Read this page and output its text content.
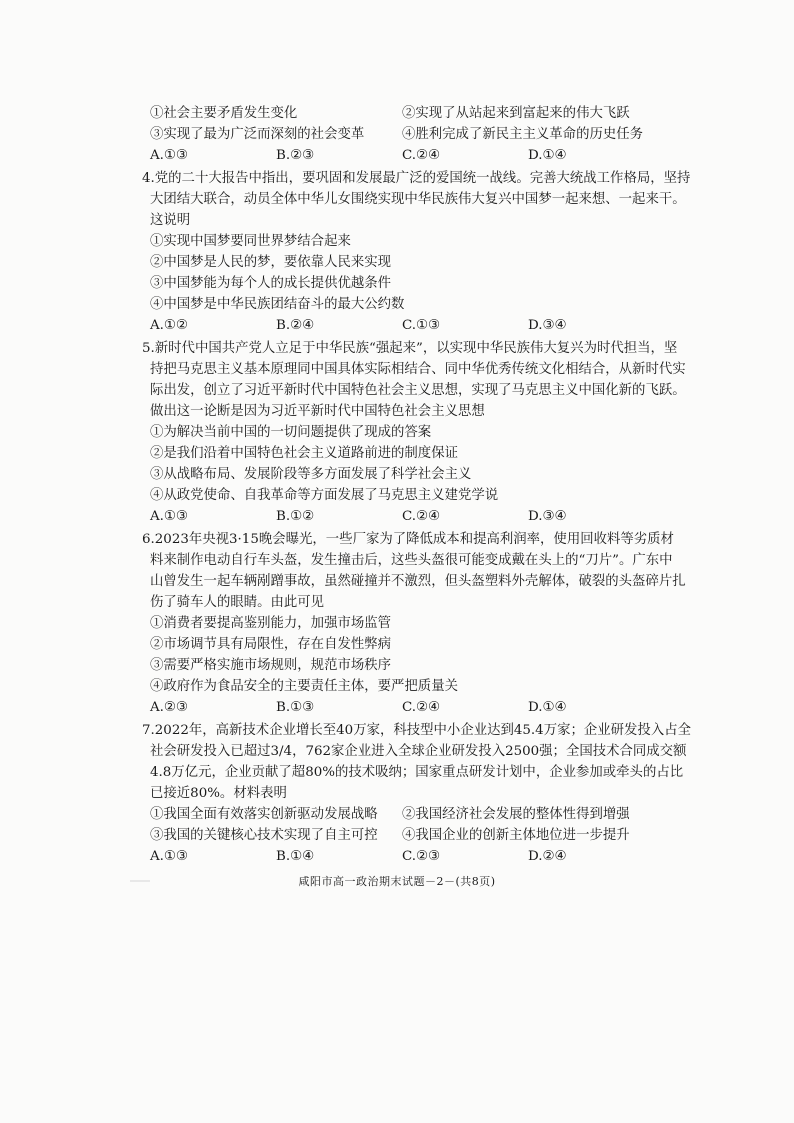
①社会主要矛盾发生变化	②实现了从站起来到富起来的伟大飞跃
③实现了最为广泛而深刻的社会变革	④胜利完成了新民主主义革命的历史任务
A.①③	B.②③	C.②④	D.①④
4.党的二十大报告中指出，要巩固和发展最广泛的爱国统一战线。完善大统战工作格局，坚持
大团结大联合，动员全体中华儿女围绕实现中华民族伟大复兴中国梦一起来想、一起来干。
这说明
①实现中国梦要同世界梦结合起来
②中国梦是人民的梦，要依靠人民来实现
③中国梦能为每个人的成长提供优越条件
④中国梦是中华民族团结奋斗的最大公约数
A.①②	B.②④	C.①③	D.③④
5.新时代中国共产党人立足于中华民族“强起来”，以实现中华民族伟大复兴为时代担当，坚
持把马克思主义基本原理同中国具体实际相结合、同中华优秀传统文化相结合，从新时代实
际出发，创立了习近平新时代中国特色社会主义思想，实现了马克思主义中国化新的飞跃。
做出这一论断是因为习近平新时代中国特色社会主义思想
①为解决当前中国的一切问题提供了现成的答案
②是我们沿着中国特色社会主义道路前进的制度保证
③从战略布局、发展阶段等多方面发展了科学社会主义
④从政党使命、自我革命等方面发展了马克思主义建党学说
A.①③	B.①②	C.②④	D.③④
6.2023年央视3·15晚会曝光，一些厂家为了降低成本和提高利润率，使用回收料等劣质材
料来制作电动自行车头盔，发生撞击后，这些头盔很可能变成戴在头上的“刀片”。广东中
山曾发生一起车辆剐蹭事故，虽然碰撞并不激烈，但头盔塑料外壳解体，破裂的头盔碎片扎
伤了骑车人的眼睛。由此可见
①消费者要提高鉴别能力，加强市场监管
②市场调节具有局限性，存在自发性弊病
③需要严格实施市场规则，规范市场秩序
④政府作为食品安全的主要责任主体，要严把质量关
A.②③	B.①③	C.②④	D.①④
7.2022年，高新技术企业增长至40万家，科技型中小企业达到45.4万家；企业研发投入占全
社会研发投入已超过3/4，762家企业进入全球企业研发投入2500强；全国技术合同成交额
4.8万亿元，企业贡献了超80%的技术吸纳；国家重点研发计划中，企业参加或牵头的占比
已接近80%。材料表明
①我国全面有效落实创新驱动发展战略	②我国经济社会发展的整体性得到增强
③我国的关键核心技术实现了自主可控	④我国企业的创新主体地位进一步提升
A.①③	B.①④	C.②③	D.②④
咸阳市高一政治期末试题－2－(共8页)
